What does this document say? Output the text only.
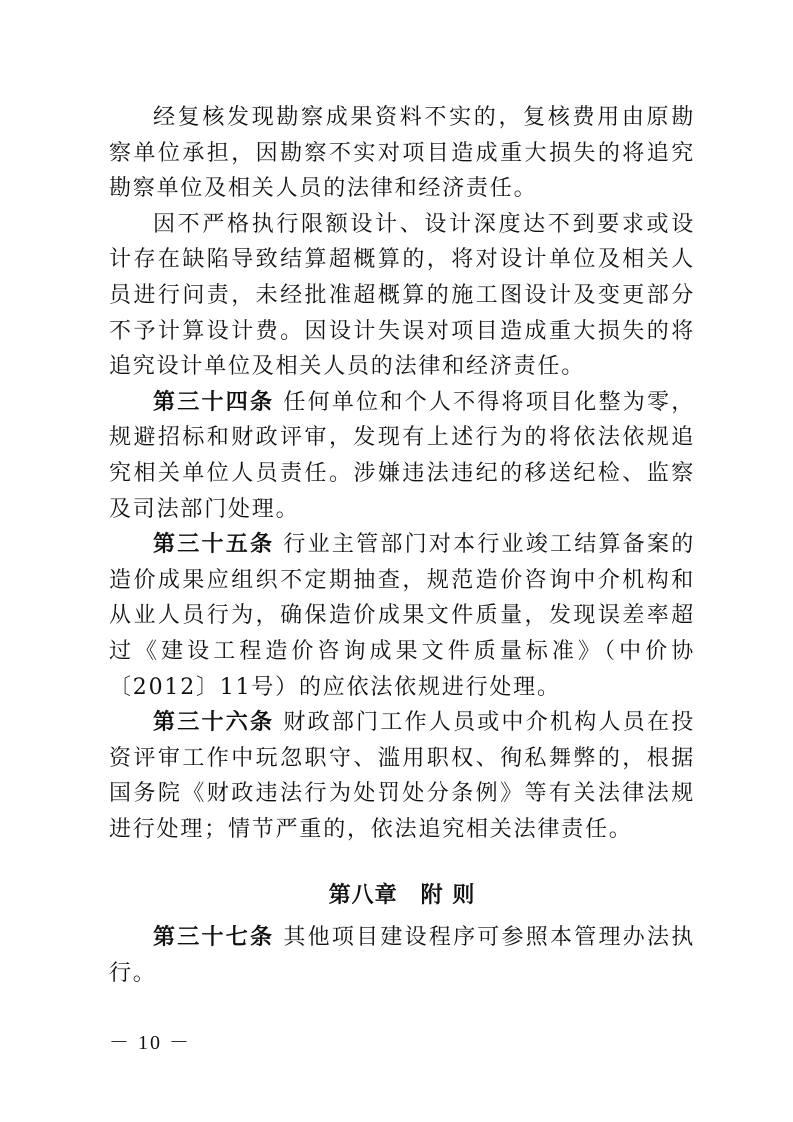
经复核发现勘察成果资料不实的，复核费用由原勘察单位承担，因勘察不实对项目造成重大损失的将追究勘察单位及相关人员的法律和经济责任。

因不严格执行限额设计、设计深度达不到要求或设计存在缺陷导致结算超概算的，将对设计单位及相关人员进行问责，未经批准超概算的施工图设计及变更部分不予计算设计费。因设计失误对项目造成重大损失的将追究设计单位及相关人员的法律和经济责任。

第三十四条 任何单位和个人不得将项目化整为零，规避招标和财政评审，发现有上述行为的将依法依规追究相关单位人员责任。涉嫌违法违纪的移送纪检、监察及司法部门处理。

第三十五条 行业主管部门对本行业竣工结算备案的造价成果应组织不定期抽查，规范造价咨询中介机构和从业人员行为，确保造价成果文件质量，发现误差率超过《建设工程造价咨询成果文件质量标准》（中价协〔2012〕11号）的应依法依规进行处理。

第三十六条 财政部门工作人员或中介机构人员在投资评审工作中玩忽职守、滥用职权、徇私舞弊的，根据国务院《财政违法行为处罚处分条例》等有关法律法规进行处理；情节严重的，依法追究相关法律责任。

第八章　附 则

第三十七条 其他项目建设程序可参照本管理办法执行。

－ 10 －
